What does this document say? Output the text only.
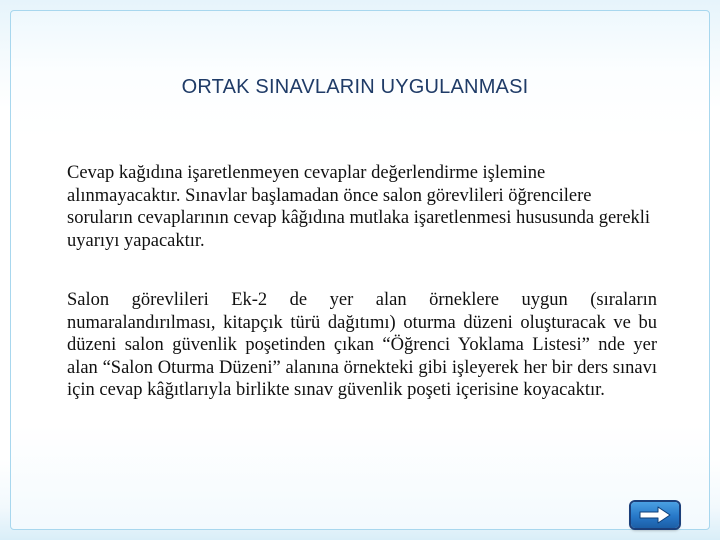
ORTAK SINAVLARIN UYGULANMASI

Cevap kağıdına işaretlenmeyen cevaplar değerlendirme işlemine alınmayacaktır. Sınavlar başlamadan önce salon görevlileri öğrencilere soruların cevaplarının cevap kâğıdına mutlaka işaretlenmesi hususunda gerekli uyarıyı yapacaktır.

Salon görevlileri Ek-2 de yer alan örneklere uygun (sıraların numaralandırılması, kitapçık türü dağıtımı) oturma düzeni oluşturacak ve bu düzeni salon güvenlik poşetinden çıkan “Öğrenci Yoklama Listesi” nde yer alan “Salon Oturma Düzeni” alanına örnekteki gibi işleyerek her bir ders sınavı için cevap kâğıtlarıyla birlikte sınav güvenlik poşeti içerisine koyacaktır.
